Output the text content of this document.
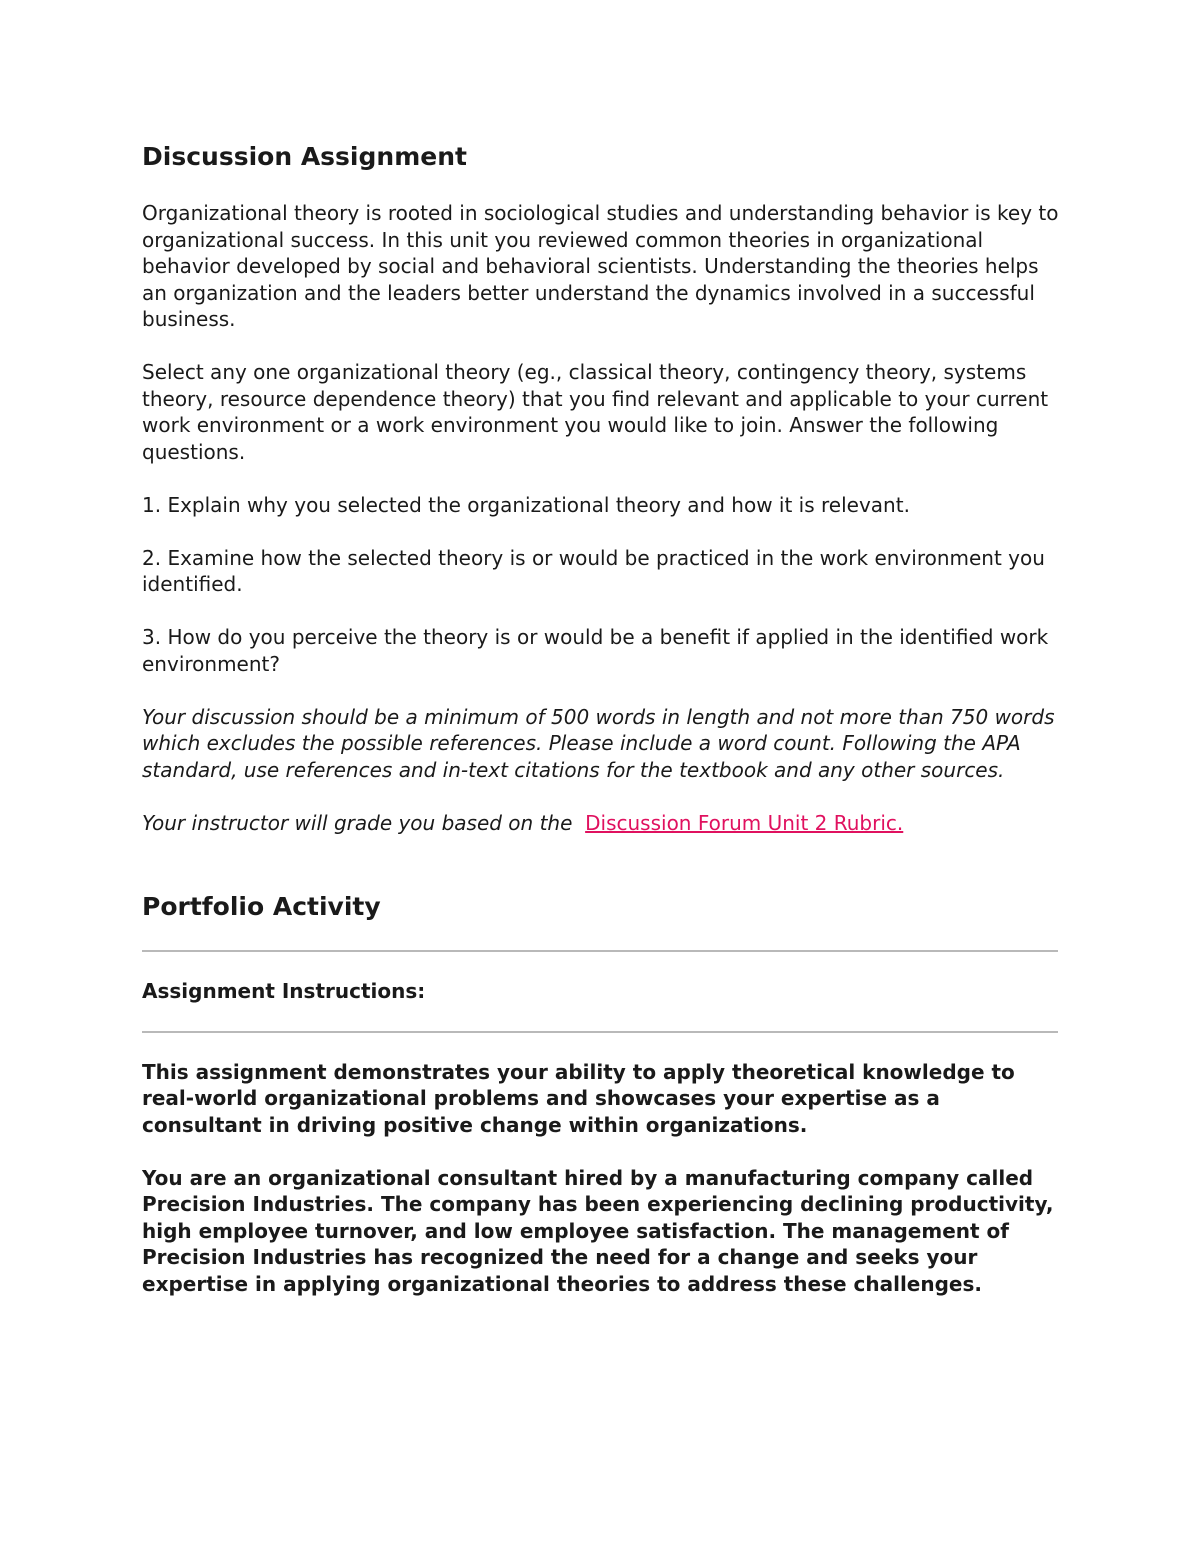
Discussion Assignment

Organizational theory is rooted in sociological studies and understanding behavior is key to organizational success. In this unit you reviewed common theories in organizational behavior developed by social and behavioral scientists. Understanding the theories helps an organization and the leaders better understand the dynamics involved in a successful business.

Select any one organizational theory (eg., classical theory, contingency theory, systems theory, resource dependence theory) that you find relevant and applicable to your current work environment or a work environment you would like to join. Answer the following questions.

1. Explain why you selected the organizational theory and how it is relevant.

2. Examine how the selected theory is or would be practiced in the work environment you identified.

3. How do you perceive the theory is or would be a benefit if applied in the identified work environment?

Your discussion should be a minimum of 500 words in length and not more than 750 words which excludes the possible references. Please include a word count. Following the APA standard, use references and in-text citations for the textbook and any other sources.

Your instructor will grade you based on the Discussion Forum Unit 2 Rubric.

Portfolio Activity
Assignment Instructions:

This assignment demonstrates your ability to apply theoretical knowledge to real-world organizational problems and showcases your expertise as a consultant in driving positive change within organizations.

You are an organizational consultant hired by a manufacturing company called Precision Industries. The company has been experiencing declining productivity, high employee turnover, and low employee satisfaction. The management of Precision Industries has recognized the need for a change and seeks your expertise in applying organizational theories to address these challenges.
